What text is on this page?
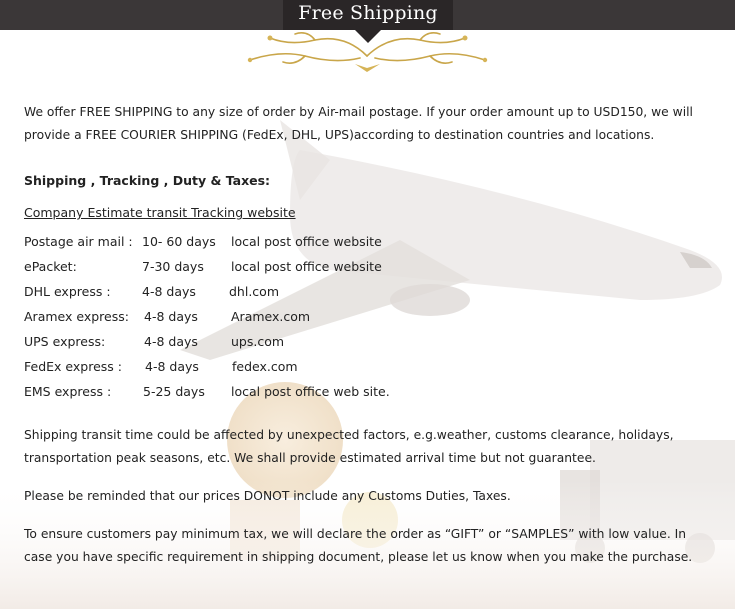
Free Shipping
We offer FREE SHIPPING to any size of order by Air-mail postage. If your order amount up to USD150, we will
provide a FREE COURIER SHIPPING (FedEx, DHL, UPS)according to destination countries and locations.
Shipping , Tracking , Duty & Taxes:
Company Estimate transit Tracking website
Postage air mail : 10- 60 days local post office website
ePacket:	7-30 days local post office website
DHL express :	4-8 days	dhl.com
Aramex express: 4-8 days	Aramex.com
UPS express:	4-8 days	ups.com
FedEx express : 4-8 days	fedex.com
EMS express :	5-25 days local post office web site.
Shipping transit time could be affected by unexpected factors, e.g.weather, customs clearance, holidays,
transportation peak seasons, etc. We shall provide estimated arrival time but not guarantee.
Please be reminded that our prices DONOT include any Customs Duties, Taxes.
To ensure customers pay minimum tax, we will declare the order as “GIFT” or “SAMPLES” with low value. In
case you have specific requirement in shipping document, please let us know when you make the purchase.
